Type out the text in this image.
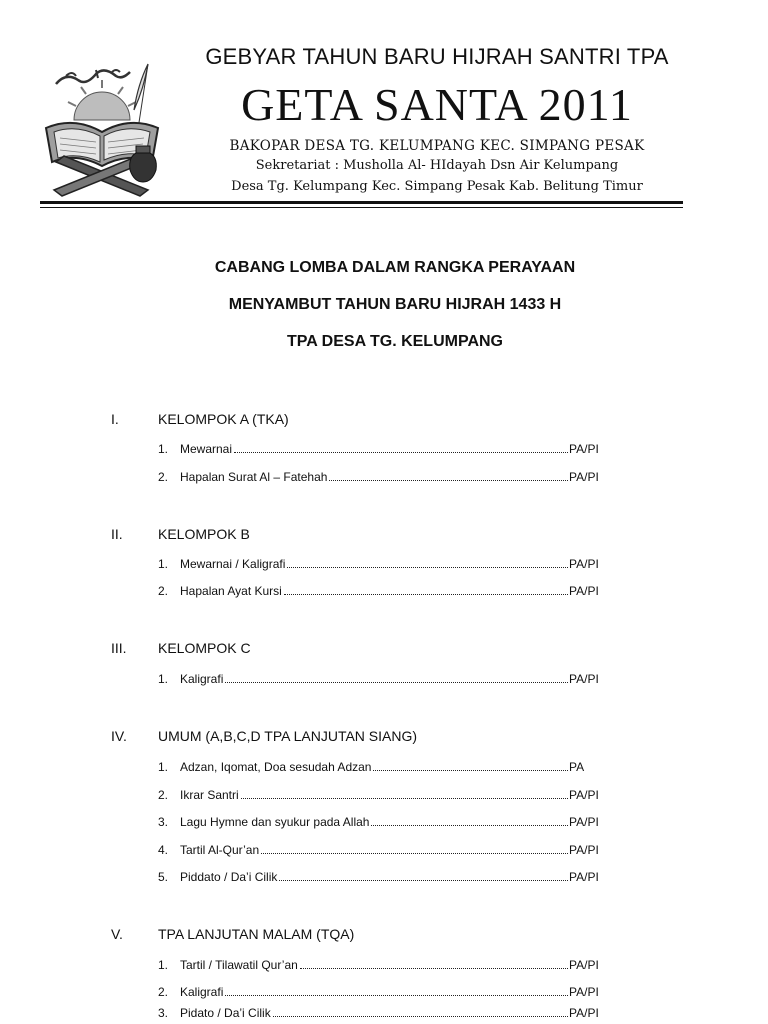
GEBYAR TAHUN BARU HIJRAH SANTRI TPA
GETA SANTA 2011
BAKOPAR DESA TG. KELUMPANG KEC. SIMPANG PESAK
Sekretariat : Musholla Al- HIdayah Dsn Air Kelumpang
Desa Tg. Kelumpang Kec. Simpang Pesak Kab. Belitung Timur
CABANG LOMBA DALAM RANGKA PERAYAAN
MENYAMBUT TAHUN BARU HIJRAH 1433 H
TPA DESA TG. KELUMPANG
I.	KELOMPOK A (TKA)
1. Mewarnai	PA/PI
2. Hapalan Surat Al – Fatehah	PA/PI
II.	KELOMPOK B
1. Mewarnai / Kaligrafi	PA/PI
2. Hapalan Ayat Kursi	PA/PI
III. KELOMPOK C
1. Kaligrafi	PA/PI
IV. UMUM (A,B,C,D TPA LANJUTAN SIANG)
1. Adzan, Iqomat, Doa sesudah Adzan	PA
2. Ikrar Santri	PA/PI
3. Lagu Hymne dan syukur pada Allah	PA/PI
4. Tartil Al-Qur’an	PA/PI
5. Piddato / Da’i Cilik	PA/PI
V.	TPA LANJUTAN MALAM (TQA)
1. Tartil / Tilawatil Qur’an	PA/PI
2. Kaligrafi	PA/PI
3. Pidato / Da’i Cilik	PA/PI
